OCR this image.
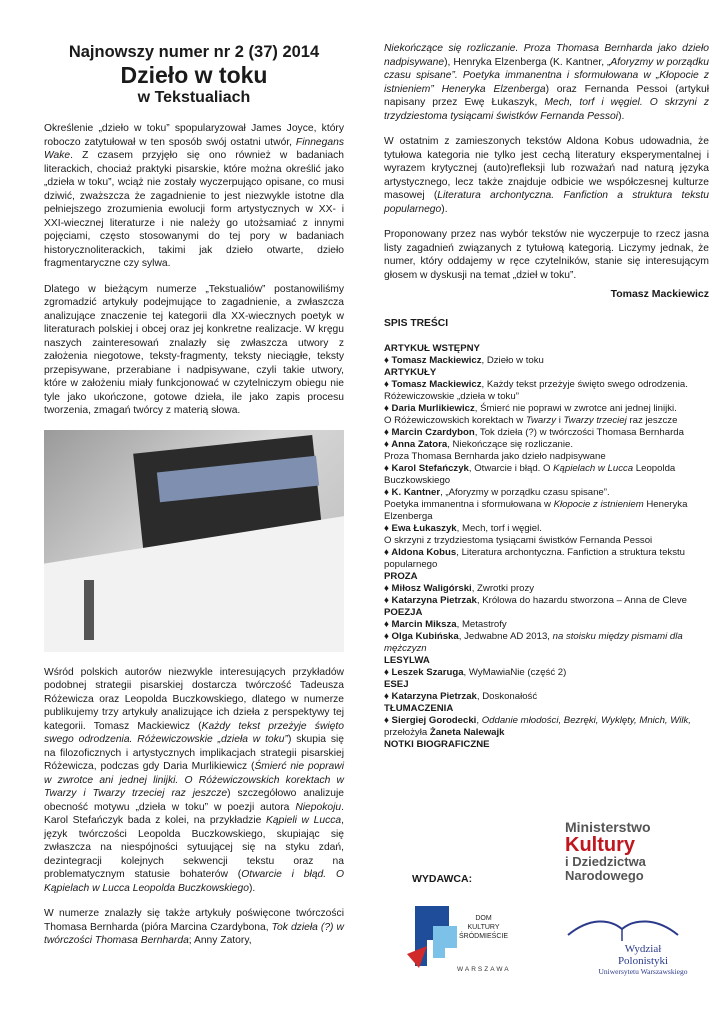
Najnowszy numer nr 2 (37) 2014
Dzieło w toku
w Tekstualiach

Określenie „dzieło w toku” spopularyzował James Joyce, który roboczo zatytułował w ten sposób swój ostatni utwór, Finnegans Wake. Z czasem przyjęło się ono również w badaniach literackich, chociaż praktyki pisarskie, które można określić jako „dzieła w toku”, wciąż nie zostały wyczerpująco opisane, co musi dziwić, zważszcza że zagadnienie to jest niezwykle istotne dla pełniejszego zrozumienia ewolucji form artystycznych w XX- i XXI-wiecznej literaturze i nie należy go utożsamiać z innymi pojęciami, często stosowanymi do tej pory w badaniach historycznoliterackich, takimi jak dzieło otwarte, dzieło fragmentaryczne czy sylwa.

Dlatego w bieżącym numerze „Tekstualiów” postanowiliśmy zgromadzić artykuły podejmujące to zagadnienie, a zwłaszcza analizujące znaczenie tej kategorii dla XX-wiecznych poetyk w literaturach polskiej i obcej oraz jej konkretne realizacje. W kręgu naszych zainteresowań znalazły się zwłaszcza utwory z założenia niegotowe, teksty-fragmenty, teksty nieciągłe, teksty przepisywane, przerabiane i nadpisywane, czyli takie utwory, które w założeniu miały funkcjonować w czytelniczym obiegu nie tyle jako ukończone, gotowe dzieła, ile jako zapis procesu tworzenia, zmagań twórcy z materią słowa.

Wśród polskich autorów niezwykle interesujących przykładów podobnej strategii pisarskiej dostarcza twórczość Tadeusza Różewicza oraz Leopolda Buczkowskiego, dlatego w numerze publikujemy trzy artykuły analizujące ich dzieła z perspektywy tej kategorii. Tomasz Mackiewicz (Każdy tekst przeżyje święto swego odrodzenia. Różewiczowskie „dzieła w toku”) skupia się na filozoficznych i artystycznych implikacjach strategii pisarskiej Różewicza, podczas gdy Daria Murlikiewicz (Śmierć nie poprawi w zwrotce ani jednej linijki. O Różewiczowskich korektach w Twarzy i Twarzy trzeciej raz jeszcze) szczegółowo analizuje obecność motywu „dzieła w toku” w poezji autora Niepokoju. Karol Stefańczyk bada z kolei, na przykładzie Kąpieli w Lucca, język twórczości Leopolda Buczkowskiego, skupiając się zwłaszcza na niespójności sytuującej się na styku zdań, dezintegracji kolejnych sekwencji tekstu oraz na problematycznym statusie bohaterów (Otwarcie i błąd. O Kąpielach w Lucca Leopolda Buczkowskiego).

W numerze znalazły się także artykuły poświęcone twórczości Thomasa Bernharda (pióra Marcina Czardybona, Tok dzieła (?) w twórczości Thomasa Bernharda; Anny Zatory,

Niekończące się rozliczanie. Proza Thomasa Bernharda jako dzieło nadpisywane), Henryka Elzenberga (K. Kantner, „Aforyzmy w porządku czasu spisane”. Poetyka immanentna i sformułowana w „Kłopocie z istnieniem” Heneryka Elzenberga) oraz Fernanda Pessoi (artykuł napisany przez Ewę Łukaszyk, Mech, torf i węgiel. O skrzyni z trzydziestoma tysiącami świstków Fernanda Pessoi).

W ostatnim z zamieszonych tekstów Aldona Kobus udowadnia, że tytułowa kategoria nie tylko jest cechą literatury eksperymentalnej i wyrazem krytycznej (auto)refleksji lub rozważań nad naturą języka artystycznego, lecz także znajduje odbicie we współczesnej kulturze masowej (Literatura archontyczna. Fanfiction a struktura tekstu popularnego).

Proponowany przez nas wybór tekstów nie wyczerpuje to rzecz jasna listy zagadnień związanych z tytułową kategorią. Liczymy jednak, że numer, który oddajemy w ręce czytelników, stanie się interesującym głosem w dyskusji na temat „dzieł w toku”.

Tomasz Mackiewicz
SPIS TREŚCI
ARTYKUŁ WSTĘPNY
♦ Tomasz Mackiewicz, Dzieło w toku
ARTYKUŁY
♦ Tomasz Mackiewicz, Każdy tekst przeżyje święto swego odrodzenia.
Różewiczowskie „dzieła w toku”
♦ Daria Murlikiewicz, Śmierć nie poprawi w zwrotce ani jednej linijki.
O Różewiczowskich korektach w Twarzy i Twarzy trzeciej raz jeszcze
♦ Marcin Czardybon, Tok dzieła (?) w twórczości Thomasa Bernharda
♦ Anna Zatora, Niekończące się rozliczanie.
Proza Thomasa Bernharda jako dzieło nadpisywane
♦ Karol Stefańczyk, Otwarcie i błąd. O Kąpielach w Lucca Leopolda Buczkowskiego
♦ K. Kantner, „Aforyzmy w porządku czasu spisane”.
Poetyka immanentna i sformułowana w Kłopocie z istnieniem Heneryka Elzenberga
♦ Ewa Łukaszyk, Mech, torf i węgiel.
O skrzyni z trzydziestoma tysiącami świstków Fernanda Pessoi
♦ Aldona Kobus, Literatura archontyczna. Fanfiction a struktura tekstu popularnego
PROZA
♦ Miłosz Waligórski, Zwrotki prozy
♦ Katarzyna Pietrzak, Królowa do hazardu stworzona – Anna de Cleve
POEZJA
♦ Marcin Miksza, Metastrofy
♦ Olga Kubińska, Jedwabne AD 2013, na stoisku między pismami dla mężczyzn
LESYLWA
♦ Leszek Szaruga, WyMawiaNie (część 2)
ESEJ
♦ Katarzyna Pietrzak, Doskonałość
TŁUMACZENIA
♦ Siergiej Gorodecki, Oddanie młodości, Bezręki, Wyklęty, Mnich, Wilk, przełożyła Żaneta Nalewajk
NOTKI BIOGRAFICZNE
Ministerstwo
Kultury
i Dziedzictwa
Narodowego
WYDAWCA:
DOM
KULTURY
ŚRÓDMIEŚCIE
WARSZAWA
Wydział
Polonistyki
Uniwersytetu Warszawskiego
